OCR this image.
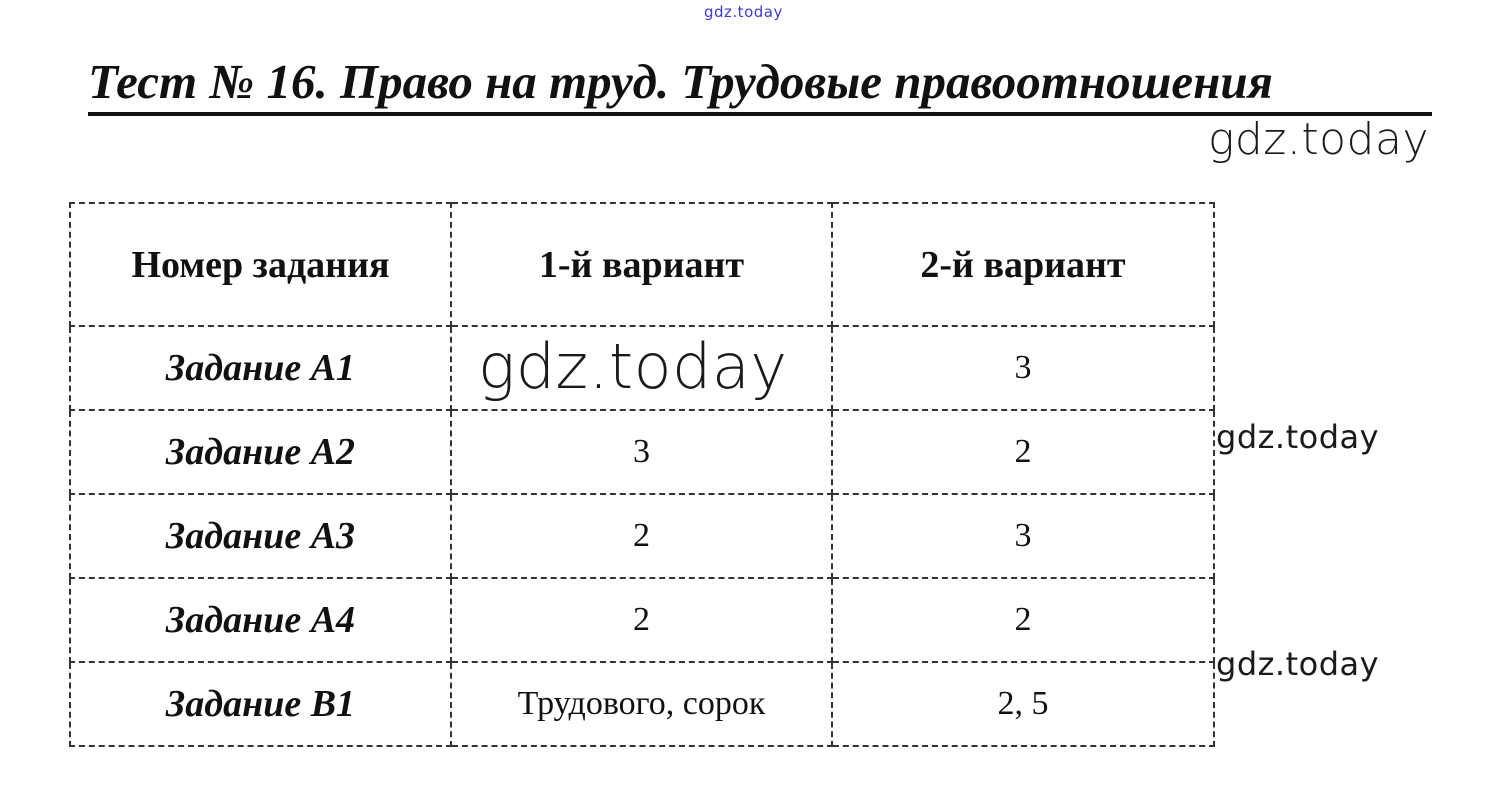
gdz.today
Тест № 16. Право на труд. Трудовые правоотношения
gdz.today
Номер задания	1-й вариант	2-й вариант
Задание А1		3
Задание А2	3	2
Задание А3	2	3
Задание А4	2	2
Задание В1	Трудового, сорок	2, 5
gdz.today
gdz.today
gdz.today
